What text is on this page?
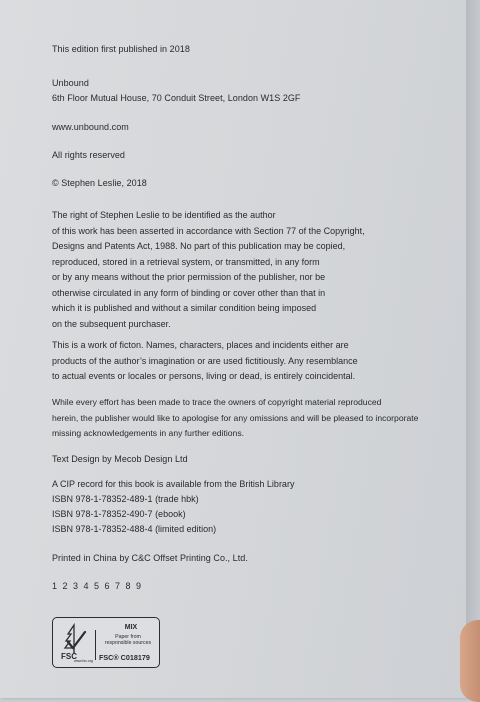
This edition first published in 2018
Unbound
6th Floor Mutual House, 70 Conduit Street, London W1S 2GF
www.unbound.com
All rights reserved
© Stephen Leslie, 2018
The right of Stephen Leslie to be identified as the author
of this work has been asserted in accordance with Section 77 of the Copyright,
Designs and Patents Act, 1988. No part of this publication may be copied,
reproduced, stored in a retrieval system, or transmitted, in any form
or by any means without the prior permission of the publisher, nor be
otherwise circulated in any form of binding or cover other than that in
which it is published and without a similar condition being imposed
on the subsequent purchaser.
This is a work of ficton. Names, characters, places and incidents either are
products of the author’s imagination or are used fictitiously. Any resemblance
to actual events or locales or persons, living or dead, is entirely coincidental.
While every effort has been made to trace the owners of copyright material reproduced
herein, the publisher would like to apologise for any omissions and will be pleased to incorporate
missing acknowledgements in any further editions.
Text Design by Mecob Design Ltd
A CIP record for this book is available from the British Library
ISBN 978-1-78352-489-1 (trade hbk)
ISBN 978-1-78352-490-7 (ebook)
ISBN 978-1-78352-488-4 (limited edition)
Printed in China by C&C Offset Printing Co., Ltd.
1 2 3 4 5 6 7 8 9
FSC
www.fsc.org
MIX
Paper from
responsible sources
FSC® C018179
